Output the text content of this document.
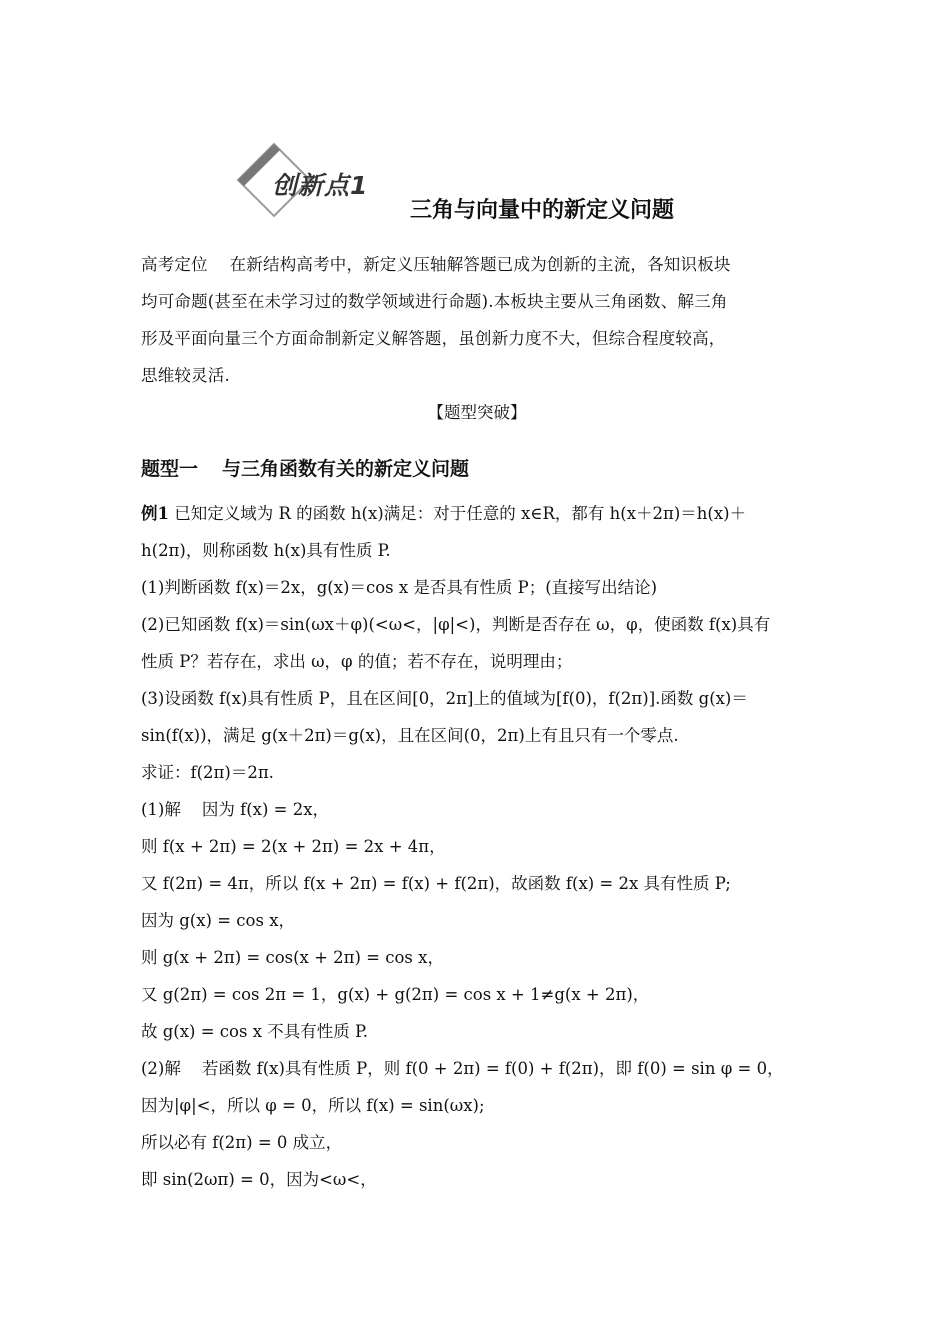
创新点1
三角与向量中的新定义问题

高考定位 在新结构高考中，新定义压轴解答题已成为创新的主流，各知识板块

均可命题(甚至在未学习过的数学领域进行命题).本板块主要从三角函数、解三角

形及平面向量三个方面命制新定义解答题，虽创新力度不大，但综合程度较高，

思维较灵活.

【题型突破】

题型一 与三角函数有关的新定义问题

例1 已知定义域为 R 的函数 h(x)满足：对于任意的 x∈R，都有 h(x＋2π)＝h(x)＋

h(2π)，则称函数 h(x)具有性质 P.

(1)判断函数 f(x)＝2x，g(x)＝cos x 是否具有性质 P；(直接写出结论)

(2)已知函数 f(x)＝sin(ωx＋φ)(<ω<，|φ|<)，判断是否存在 ω，φ，使函数 f(x)具有

性质 P？若存在，求出 ω，φ 的值；若不存在，说明理由；

(3)设函数 f(x)具有性质 P，且在区间[0，2π]上的值域为[f(0)，f(2π)].函数 g(x)＝

sin(f(x))，满足 g(x＋2π)＝g(x)，且在区间(0，2π)上有且只有一个零点.

求证：f(2π)＝2π.

(1)解 因为 f(x) = 2x，

则 f(x + 2π) = 2(x + 2π) = 2x + 4π，

又 f(2π) = 4π，所以 f(x + 2π) = f(x) + f(2π)，故函数 f(x) = 2x 具有性质 P;

因为 g(x) = cos x，

则 g(x + 2π) = cos(x + 2π) = cos x，

又 g(2π) = cos 2π = 1，g(x) + g(2π) = cos x + 1≠g(x + 2π)，

故 g(x) = cos x 不具有性质 P.

(2)解 若函数 f(x)具有性质 P，则 f(0 + 2π) = f(0) + f(2π)，即 f(0) = sin φ = 0，

因为|φ|<，所以 φ = 0，所以 f(x) = sin(ωx);

所以必有 f(2π) = 0 成立，

即 sin(2ωπ) = 0，因为<ω<，
